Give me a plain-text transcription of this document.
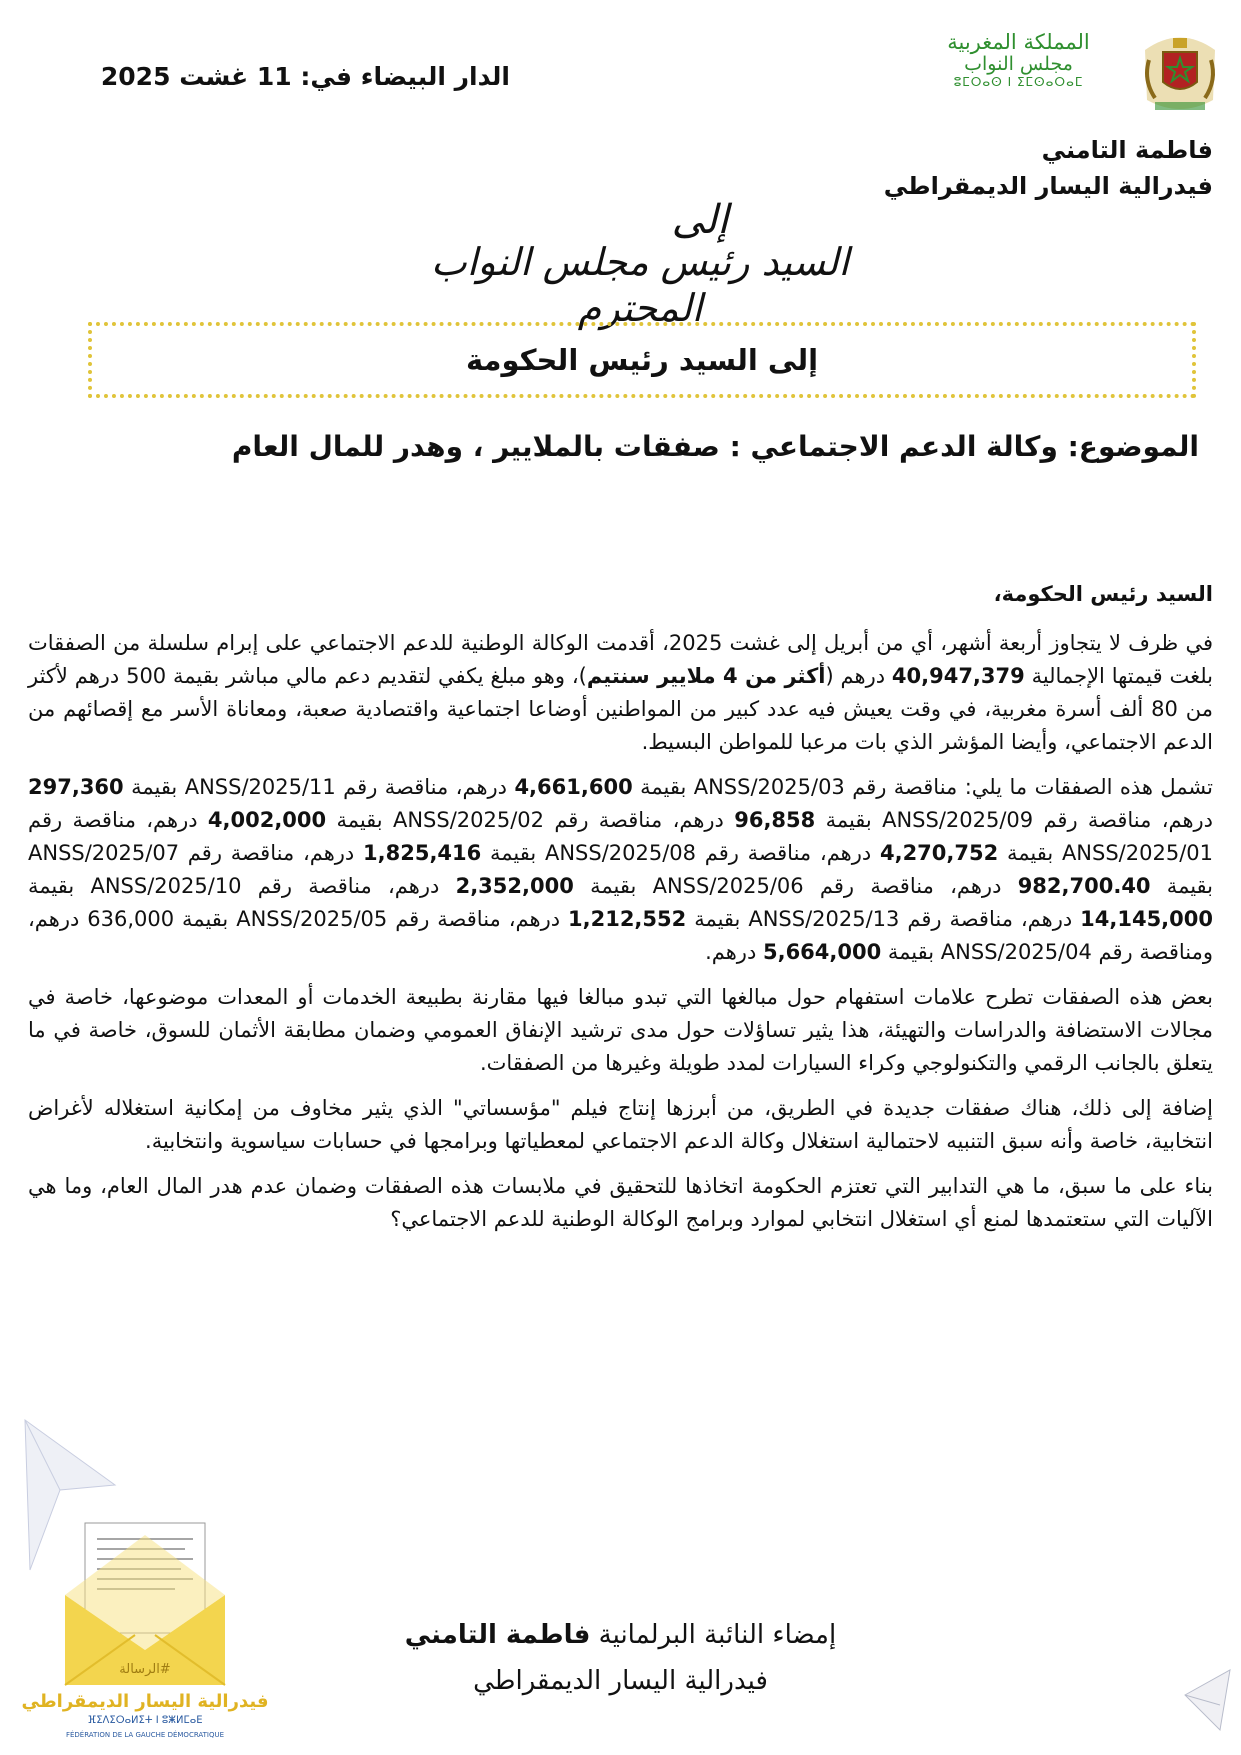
المملكة المغربية
مجلس النواب
ⵓⵎⵔⴰⵙ ⵏ ⵉⵎⵙⴰⵔⴰⵎ
الدار البيضاء في: 11 غشت 2025
فاطمة التامني
فيدرالية اليسار الديمقراطي
إلى
السيد رئيس مجلس النواب المحترم
إلى السيد رئيس الحكومة
الموضوع: وكالة الدعم الاجتماعي : صفقات بالملايير ، وهدر للمال العام

السيد رئيس الحكومة،

في ظرف لا يتجاوز أربعة أشهر، أي من أبريل إلى غشت 2025، أقدمت الوكالة الوطنية للدعم الاجتماعي على إبرام سلسلة من الصفقات بلغت قيمتها الإجمالية 40,947,379 درهم (أكثر من 4 ملايير سنتيم)، وهو مبلغ يكفي لتقديم دعم مالي مباشر بقيمة 500 درهم لأكثر من 80 ألف أسرة مغربية، في وقت يعيش فيه عدد كبير من المواطنين أوضاعا اجتماعية واقتصادية صعبة، ومعاناة الأسر مع إقصائهم من الدعم الاجتماعي، وأيضا المؤشر الذي بات مرعبا للمواطن البسيط.

تشمل هذه الصفقات ما يلي: مناقصة رقم ANSS/2025/03 بقيمة 4,661,600 درهم، مناقصة رقم ANSS/2025/11 بقيمة 297,360 درهم، مناقصة رقم ANSS/2025/09 بقيمة 96,858 درهم، مناقصة رقم ANSS/2025/02 بقيمة 4,002,000 درهم، مناقصة رقم ANSS/2025/01 بقيمة 4,270,752 درهم، مناقصة رقم ANSS/2025/08 بقيمة 1,825,416 درهم، مناقصة رقم ANSS/2025/07 بقيمة 982,700.40 درهم، مناقصة رقم ANSS/2025/06 بقيمة 2,352,000 درهم، مناقصة رقم ANSS/2025/10 بقيمة 14,145,000 درهم، مناقصة رقم ANSS/2025/13 بقيمة 1,212,552 درهم، مناقصة رقم ANSS/2025/05 بقيمة 636,000 درهم، ومناقصة رقم ANSS/2025/04 بقيمة 5,664,000 درهم.

بعض هذه الصفقات تطرح علامات استفهام حول مبالغها التي تبدو مبالغا فيها مقارنة بطبيعة الخدمات أو المعدات موضوعها، خاصة في مجالات الاستضافة والدراسات والتهيئة، هذا يثير تساؤلات حول مدى ترشيد الإنفاق العمومي وضمان مطابقة الأثمان للسوق، خاصة في ما يتعلق بالجانب الرقمي والتكنولوجي وكراء السيارات لمدد طويلة وغيرها من الصفقات.

إضافة إلى ذلك، هناك صفقات جديدة في الطريق، من أبرزها إنتاج فيلم "مؤسساتي" الذي يثير مخاوف من إمكانية استغلاله لأغراض انتخابية، خاصة وأنه سبق التنبيه لاحتمالية استغلال وكالة الدعم الاجتماعي لمعطياتها وبرامجها في حسابات سياسوية وانتخابية.

بناء على ما سبق، ما هي التدابير التي تعتزم الحكومة اتخاذها للتحقيق في ملابسات هذه الصفقات وضمان عدم هدر المال العام، وما هي الآليات التي ستعتمدها لمنع أي استغلال انتخابي لموارد وبرامج الوكالة الوطنية للدعم الاجتماعي؟

إمضاء النائبة البرلمانية فاطمة التامني
فيدرالية اليسار الديمقراطي
#الرسالة
فيدرالية اليسار الديمقراطي
ⴼⵉⴷⵉⵔⴰⵍⵉⵜ ⵏ ⵓⵥⵍⵎⴰⴹ
FÉDÉRATION DE LA GAUCHE DÉMOCRATIQUE
